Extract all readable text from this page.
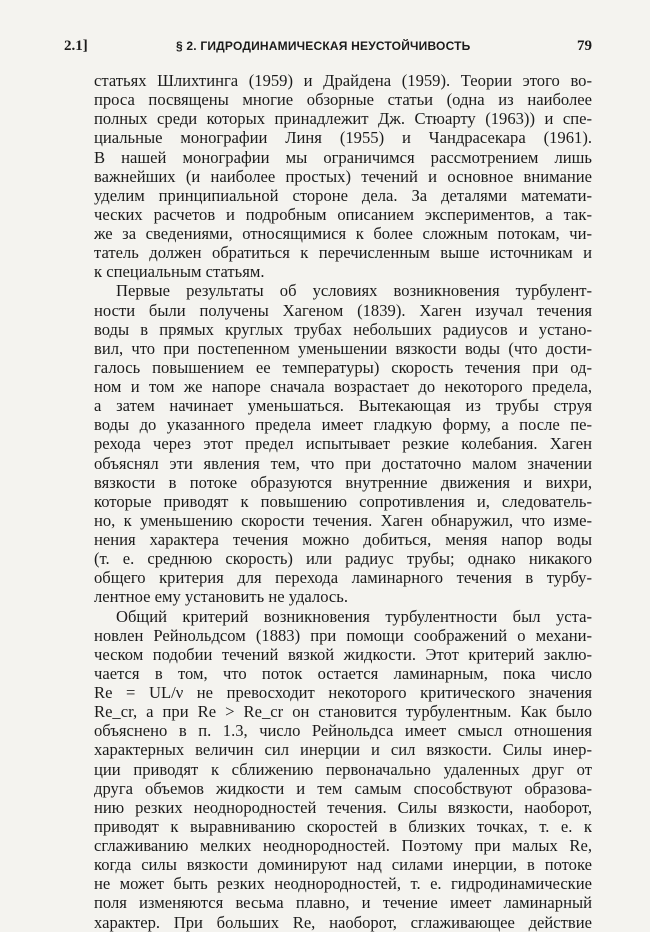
2.1]	§ 2. ГИДРОДИНАМИЧЕСКАЯ НЕУСТОЙЧИВОСТЬ	79
статьях Шлихтинга (1959) и Драйдена (1959). Теории этого во-
проса посвящены многие обзорные статьи (одна из наиболее
полных среди которых принадлежит Дж. Стюарту (1963)) и спе-
циальные монографии Линя (1955) и Чандрасекара (1961).
В нашей монографии мы ограничимся рассмотрением лишь
важнейших (и наиболее простых) течений и основное внимание
уделим принципиальной стороне дела. За деталями математи-
ческих расчетов и подробным описанием экспериментов, а так-
же за сведениями, относящимися к более сложным потокам, чи-
татель должен обратиться к перечисленным выше источникам и
к специальным статьям.
Первые результаты об условиях возникновения турбулент-
ности были получены Хагеном (1839). Хаген изучал течения
воды в прямых круглых трубах небольших радиусов и устано-
вил, что при постепенном уменьшении вязкости воды (что дости-
галось повышением ее температуры) скорость течения при од-
ном и том же напоре сначала возрастает до некоторого предела,
а затем начинает уменьшаться. Вытекающая из трубы струя
воды до указанного предела имеет гладкую форму, а после пе-
рехода через этот предел испытывает резкие колебания. Хаген
объяснял эти явления тем, что при достаточно малом значении
вязкости в потоке образуются внутренние движения и вихри,
которые приводят к повышению сопротивления и, следователь-
но, к уменьшению скорости течения. Хаген обнаружил, что изме-
нения характера течения можно добиться, меняя напор воды
(т. е. среднюю скорость) или радиус трубы; однако никакого
общего критерия для перехода ламинарного течения в турбу-
лентное ему установить не удалось.
Общий критерий возникновения турбулентности был уста-
новлен Рейнольдсом (1883) при помощи соображений о механи-
ческом подобии течений вязкой жидкости. Этот критерий заклю-
чается в том, что поток остается ламинарным, пока число
Re = UL/ν не превосходит некоторого критического значения
Re_cr, а при Re > Re_cr он становится турбулентным. Как было
объяснено в п. 1.3, число Рейнольдса имеет смысл отношения
характерных величин сил инерции и сил вязкости. Силы инер-
ции приводят к сближению первоначально удаленных друг от
друга объемов жидкости и тем самым способствуют образова-
нию резких неоднородностей течения. Силы вязкости, наоборот,
приводят к выравниванию скоростей в близких точках, т. е. к
сглаживанию мелких неоднородностей. Поэтому при малых Re,
когда силы вязкости доминируют над силами инерции, в потоке
не может быть резких неоднородностей, т. е. гидродинамические
поля изменяются весьма плавно, и течение имеет ламинарный
характер. При больших Re, наоборот, сглаживающее действие
